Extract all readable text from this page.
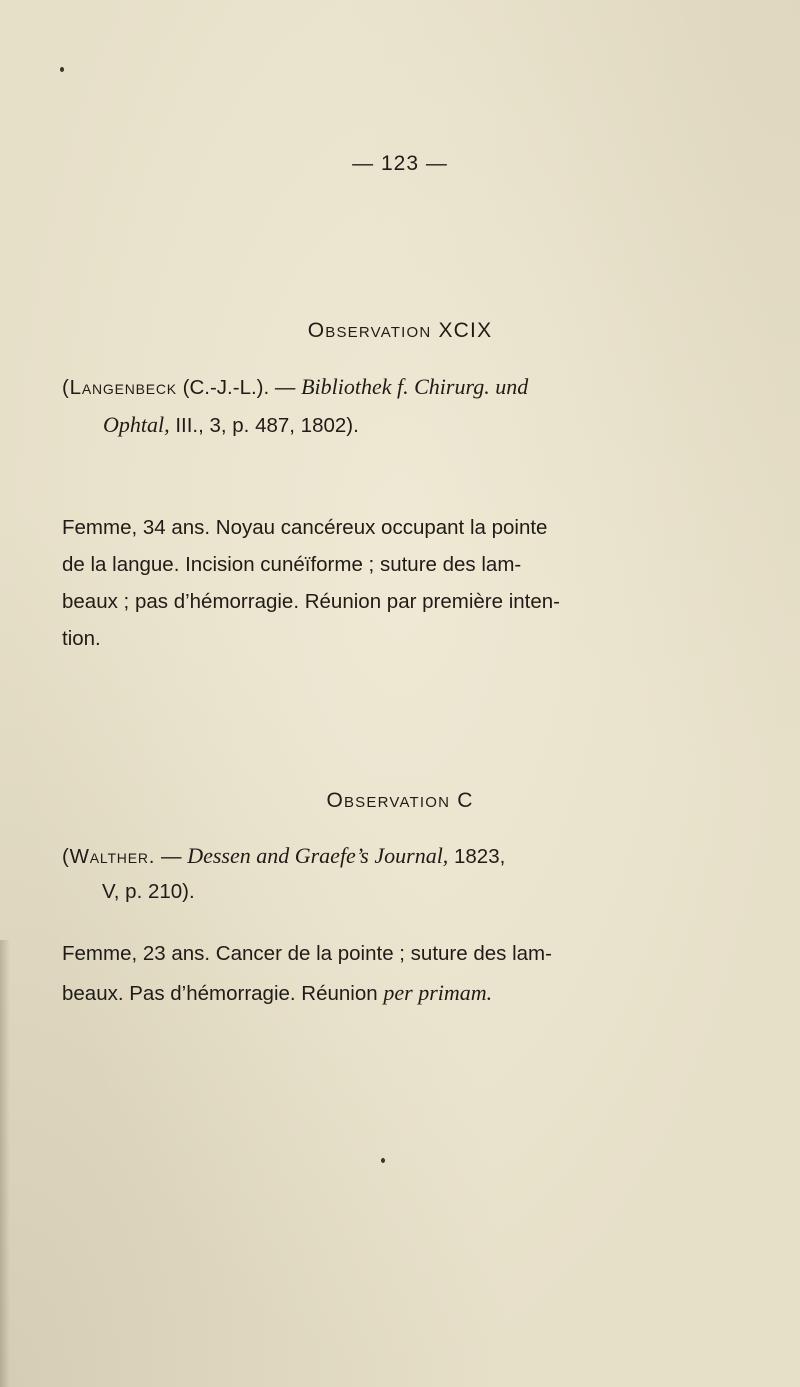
— 123 —
Observation XCIX
(Langenbeck (C.-J.-L.). — Bibliothek f. Chirurg. und
Ophtal, III., 3, p. 487, 1802).
Femme, 34 ans. Noyau cancéreux occupant la pointe
de la langue. Incision cunéïforme ; suture des lam-
beaux ; pas d’hémorragie. Réunion par première inten-
tion.
Observation C
(Walther. — Dessen and Graefe’s Journal, 1823,
V, p. 210).
Femme, 23 ans. Cancer de la pointe ; suture des lam-
beaux. Pas d’hémorragie. Réunion per primam.
